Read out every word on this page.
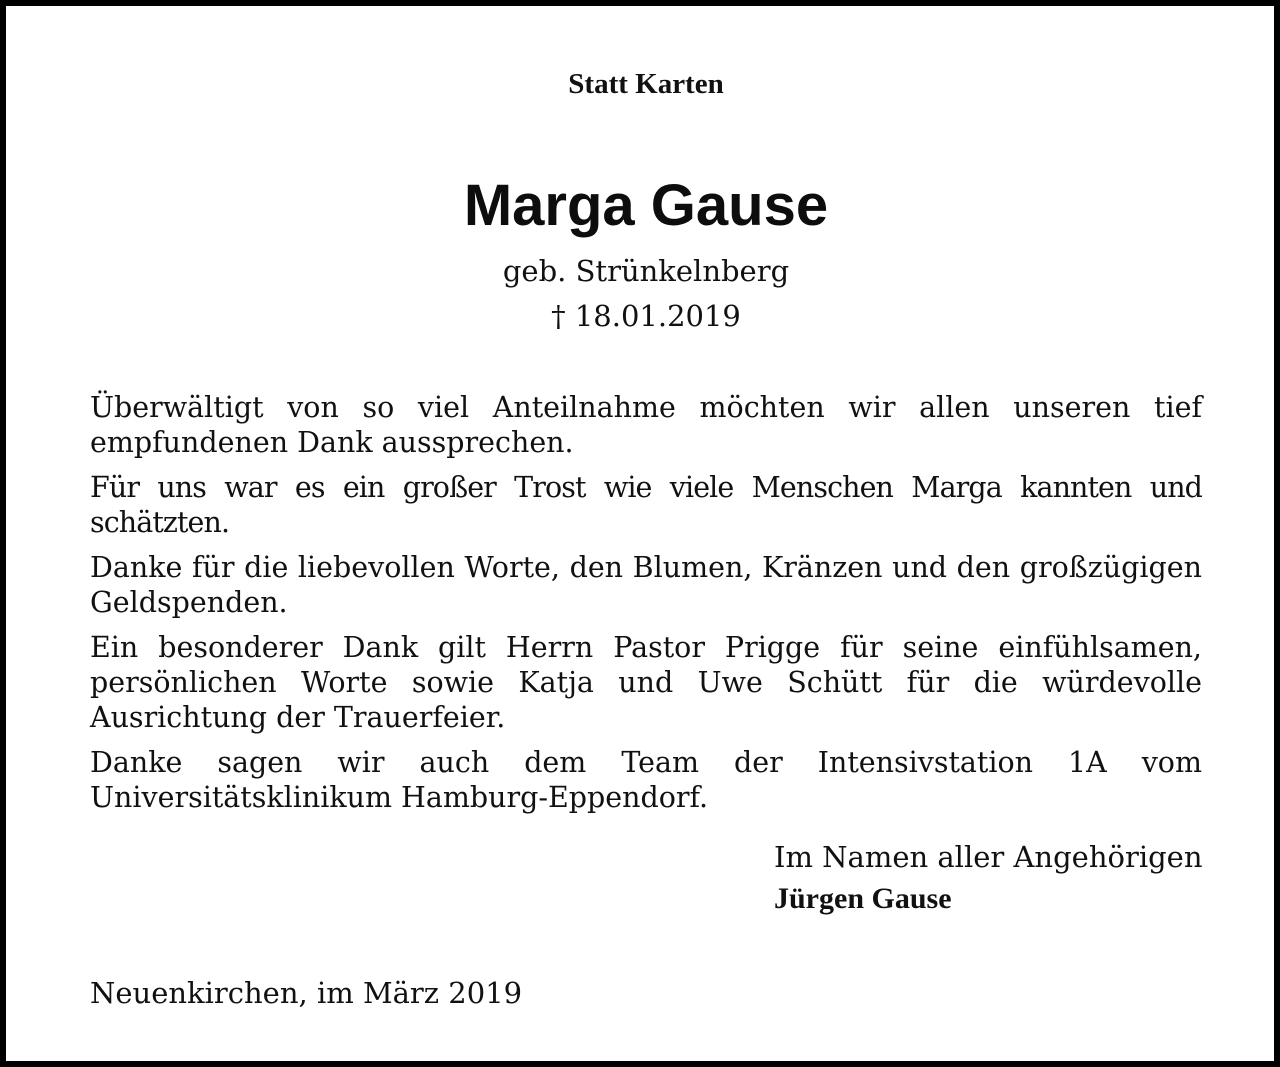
Statt Karten
Marga Gause
geb. Strünkelnberg
† 18.01.2019

Überwältigt von so viel Anteilnahme möchten wir allen unseren tief empfundenen Dank aussprechen.

Für uns war es ein großer Trost wie viele Menschen Marga kannten und schätzten.

Danke für die liebevollen Worte, den Blumen, Kränzen und den großzügigen Geldspenden.

Ein besonderer Dank gilt Herrn Pastor Prigge für seine einfühlsamen, persönlichen Worte sowie Katja und Uwe Schütt für die würdevolle Ausrichtung der Trauerfeier.

Danke sagen wir auch dem Team der Intensivstation 1A vom Universitätsklinikum Hamburg-Eppendorf.

Im Namen aller Angehörigen
Jürgen Gause
Neuenkirchen, im März 2019
